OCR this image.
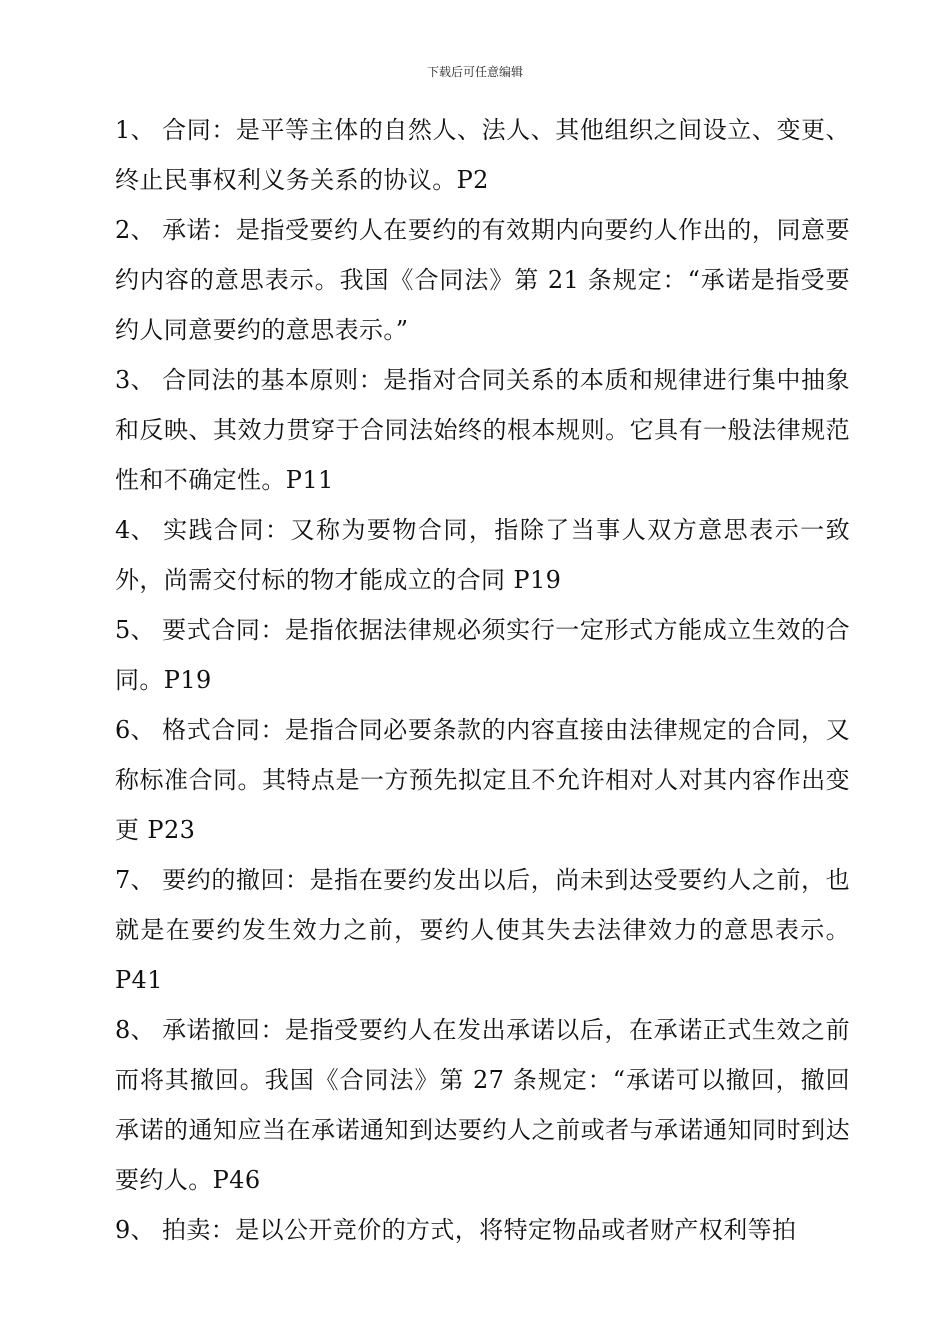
下载后可任意编辑

1、 合同：是平等主体的自然人、法人、其他组织之间设立、变更、终止民事权利义务关系的协议。P2

2、 承诺：是指受要约人在要约的有效期内向要约人作出的，同意要约内容的意思表示。我国《合同法》第 21 条规定：“承诺是指受要约人同意要约的意思表示。”

3、 合同法的基本原则：是指对合同关系的本质和规律进行集中抽象和反映、其效力贯穿于合同法始终的根本规则。它具有一般法律规范性和不确定性。P11

4、 实践合同：又称为要物合同，指除了当事人双方意思表示一致外，尚需交付标的物才能成立的合同 P19

5、 要式合同：是指依据法律规必须实行一定形式方能成立生效的合同。P19

6、 格式合同：是指合同必要条款的内容直接由法律规定的合同，又称标准合同。其特点是一方预先拟定且不允许相对人对其内容作出变更 P23

7、 要约的撤回：是指在要约发出以后，尚未到达受要约人之前，也就是在要约发生效力之前，要约人使其失去法律效力的意思表示。P41

8、 承诺撤回：是指受要约人在发出承诺以后，在承诺正式生效之前而将其撤回。我国《合同法》第 27 条规定：“承诺可以撤回，撤回承诺的通知应当在承诺通知到达要约人之前或者与承诺通知同时到达要约人。P46

9、 拍卖：是以公开竞价的方式，将特定物品或者财产权利等拍
